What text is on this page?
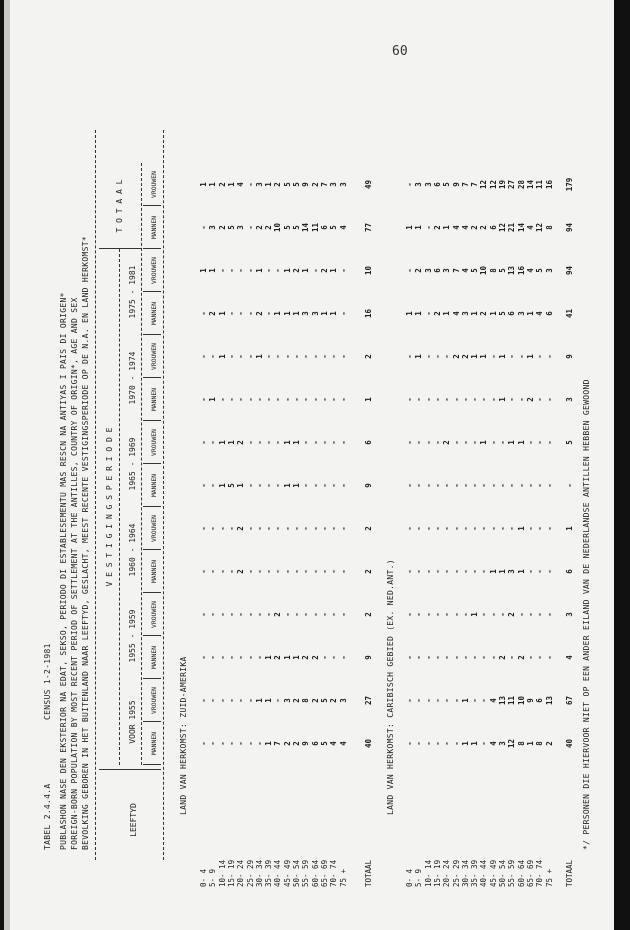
60
TABEL 2.4.4.A
CENSUS 1-2-1981 PUBLASHON NASE DEN EKSTERIOR NA EDAT, SEKSO, PERIODO DI ESTABLESEMENTU MAS RESCN NA ANTIYAS I PAIS DI ORIGEN* FOREIGN-BORN POPULATION BY MOST RECENT PERIOD OF SETTLEMENT AT THE ANTILLES, COUNTRY OF ORIGIN*, AGE AND SEX BEVOLKING GEBOREN IN HET BUITENLAND NAAR LEEFTYD, GESLACHT, MEEST RECENTE VESTIGINGSPERIODE OP DE N.A. EN LAND HERKOMST* V E S T I G I N G S P E R I O D E
T O T A A L
LEEFTYD	*/ PERSONEN DIE HIERVOOR NIET OP EEN ANDER EILAND VAN DE NEDERLANDSE ANTILLEN HEBBEN GEWOOND
VOOR 1955
1955 - 1959
1960 - 1964
1965 - 1969
1970 - 1974
1975 - 1981
MANNEN
VROUWEN
MANNEN
VROUWEN
MANNEN
VROUWEN
MANNEN
VROUWEN
MANNEN
VROUWEN
MANNEN
VROUWEN
MANNEN
VROUWEN
LAND VAN HERKOMST: ZUID-AMERIKA
0- 4
-
-
-
-
-
-
-
-
-
-
-
1
-
1
5- 9
-
-
-
-
-
-
-
-
1
-
2
1
3
1
10- 14
-
-
-
-
-
-
1
1
-
1
1
-
2
2
15- 19
-
-
-
-
-
-
5
1
-
-
-
-
5
1
20- 24
-
-
-
-
2
2
1
2
-
-
-
-
3
4
25- 29
-
-
-
-
-
-
-
-
-
-
-
-
-
-
30- 34
-
1
-
-
-
-
-
-
-
1
2
1
2
3
35- 39
1
1
1
-
-
-
-
-
-
-
-
-
2
1
40- 44
7
-
2
2
-
-
-
-
-
-
1
-
10
2
45- 49
2
3
1
-
-
-
1
1
-
-
1
1
5
5
50- 54
2
2
1
-
-
-
1
1
-
-
1
2
5
5
55- 59
9
8
2
-
-
-
-
-
-
-
3
1
14
9
60- 64
6
2
2
-
-
-
-
-
-
-
3
-
11
2
65- 69
5
5
-
-
-
-
-
-
-
-
1
2
6
7
70- 74
4
2
-
-
-
-
-
-
-
-
1
1
5
3
75 +
4
3
-
-
-
-
-
-
-
-
-
-
4
3
TOTAAL
40
27
9
2
2
2
9
6
1
2
16
10
77
49
LAND VAN HERKOMST: CARIBISCH GEBIED (EX. NED.ANT.)
0- 4
-
-
-
-
-
-
-
-
-
-
1
-
1
-
5- 9
-
-
-
-
-
-
-
-
-
1
1
2
1
3
10- 14
-
-
-
-
-
-
-
-
-
-
-
3
-
3
15- 19
-
-
-
-
-
-
-
-
-
-
2
6
2
6
20- 24
-
-
-
-
-
-
-
2
-
-
1
3
1
5
25- 29
-
-
-
-
-
-
-
-
-
2
4
7
4
9
30- 34
1
1
-
-
-
-
-
-
-
2
3
4
4
7
35- 39
1
-
-
1
-
-
-
-
-
1
1
5
2
7
40- 44
-
-
-
-
-
-
-
1
-
1
2
10
2
12
45- 49
4
4
-
-
1
-
-
-
-
-
1
8
6
12
50- 54
3
13
2
-
1
-
-
-
1
1
5
5
12
19
55- 59
12
11
-
2
3
-
-
1
-
-
6
13
21
27
60- 64
8
10
2
-
1
1
-
1
-
-
3
16
14
28
65- 69
1
9
-
-
-
-
-
-
2
1
1
4
4
14
70- 74
8
6
-
-
-
-
-
-
-
-
4
5
12
11
75 +
2
13
-
-
-
-
-
-
-
-
6
3
8
16
TOTAAL
40
67
4
3
6
1
-
5
3
9
41
94
94
179
